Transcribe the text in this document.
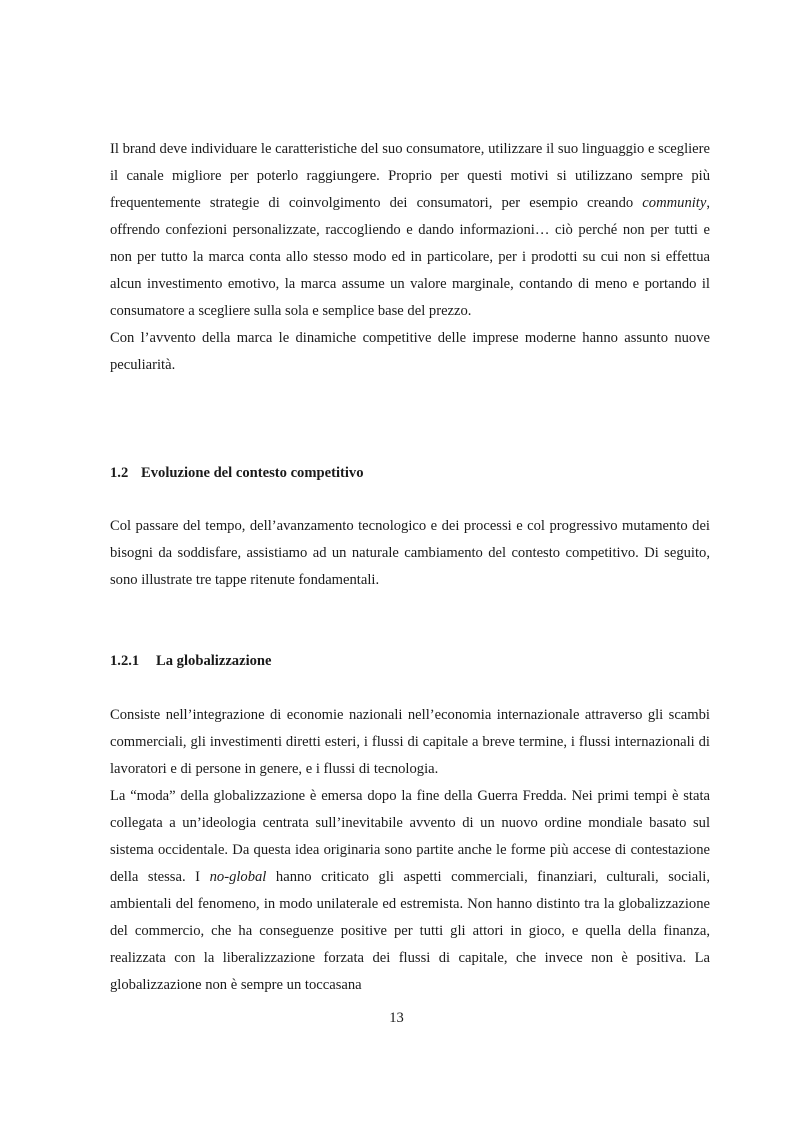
Il brand deve individuare le caratteristiche del suo consumatore, utilizzare il suo linguaggio e scegliere il canale migliore per poterlo raggiungere. Proprio per questi motivi si utilizzano sempre più frequentemente strategie di coinvolgimento dei consumatori, per esempio creando community, offrendo confezioni personalizzate, raccogliendo e dando informazioni… ciò perché non per tutti e non per tutto la marca conta allo stesso modo ed in particolare, per i prodotti su cui non si effettua alcun investimento emotivo, la marca assume un valore marginale, contando di meno e portando il consumatore a scegliere sulla sola e semplice base del prezzo.

Con l’avvento della marca le dinamiche competitive delle imprese moderne hanno assunto nuove peculiarità.

1.2 Evoluzione del contesto competitivo

Col passare del tempo, dell’avanzamento tecnologico e dei processi e col progressivo mutamento dei bisogni da soddisfare, assistiamo ad un naturale cambiamento del contesto competitivo. Di seguito, sono illustrate tre tappe ritenute fondamentali.

1.2.1 La globalizzazione

Consiste nell’integrazione di economie nazionali nell’economia internazionale attraverso gli scambi commerciali, gli investimenti diretti esteri, i flussi di capitale a breve termine, i flussi internazionali di lavoratori e di persone in genere, e i flussi di tecnologia.

La “moda” della globalizzazione è emersa dopo la fine della Guerra Fredda. Nei primi tempi è stata collegata a un’ideologia centrata sull’inevitabile avvento di un nuovo ordine mondiale basato sul sistema occidentale. Da questa idea originaria sono partite anche le forme più accese di contestazione della stessa. I no-global hanno criticato gli aspetti commerciali, finanziari, culturali, sociali, ambientali del fenomeno, in modo unilaterale ed estremista. Non hanno distinto tra la globalizzazione del commercio, che ha conseguenze positive per tutti gli attori in gioco, e quella della finanza, realizzata con la liberalizzazione forzata dei flussi di capitale, che invece non è positiva. La globalizzazione non è sempre un toccasana

13
